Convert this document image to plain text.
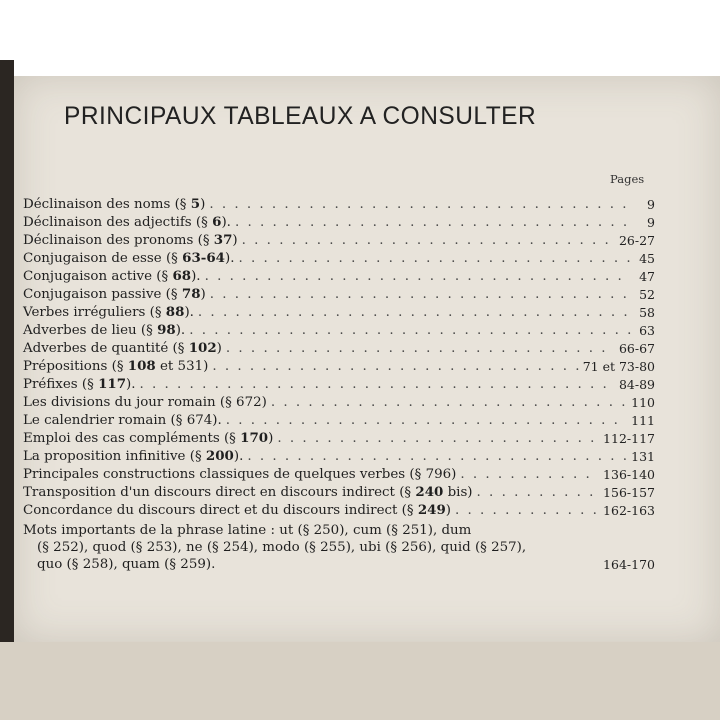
PRINCIPAUX TABLEAUX A CONSULTER
Pages
Déclinaison des noms (§ 5) . . .	9
Déclinaison des adjectifs (§ 6). . . .	9
Déclinaison des pronoms (§ 37) . . .	26-27
Conjugaison de esse (§ 63-64). . . .	45
Conjugaison active (§ 68). . . .	47
Conjugaison passive (§ 78) . . .	52
Verbes irréguliers (§ 88). . . .	58
Adverbes de lieu (§ 98). . . .	63
Adverbes de quantité (§ 102) . . .	66-67
Prépositions (§ 108 et 531) . . .	71 et 73-80
Préfixes (§ 117). . . .	84-89
Les divisions du jour romain (§ 672) . . .	110
Le calendrier romain (§ 674). . . .	111
Emploi des cas compléments (§ 170) . . .	112-117
La proposition infinitive (§ 200). . . .	131
Principales constructions classiques de quelques verbes (§ 796) . . .	136-140
Transposition d'un discours direct en discours indirect (§ 240 bis) . . .	156-157
Concordance du discours direct et du discours indirect (§ 249) . . .	162-163
Mots importants de la phrase latine : ut (§ 250), cum (§ 251), dum
(§ 252), quod (§ 253), ne (§ 254), modo (§ 255), ubi (§ 256), quid (§ 257),
quo (§ 258), quam (§ 259).	164-170
